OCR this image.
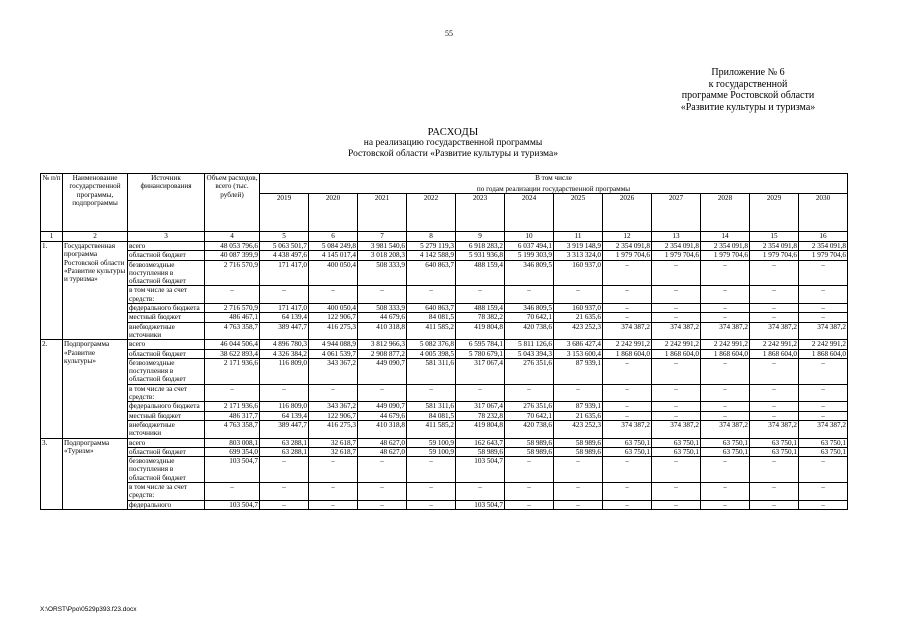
55
Приложение № 6
к государственной
программе Ростовской области
«Развитие культуры и туризма»
РАСХОДЫ
на реализацию государственной программы
Ростовской области «Развитие культуры и туризма»
№ п/п	Наименование государственной программы, подпрограммы	Источник финансирования	Объем расходов, всего (тыс. рублей)	В том числе											
				по годам реализации государственной программы											
				2019	2020	2021	2022	2023	2024	2025	2026	2027	2028	2029	2030
1	2	3	4	5	6	7	8	9	10	11	12	13	14	15	16
1.	Государственная программа Ростовской области «Развитие культуры и туризма»	всего	48 053 796,6	5 063 501,7	5 084 249,8	3 981 540,6	5 279 119,3	6 918 283,2	6 037 494,1	3 919 148,9	2 354 091,8	2 354 091,8	2 354 091,8	2 354 091,8	2 354 091,8
		областной бюджет	40 087 399,9	4 438 497,6	4 145 017,4	3 018 208,3	4 142 588,9	5 931 936,8	5 199 303,9	3 313 324,0	1 979 704,6	1 979 704,6	1 979 704,6	1 979 704,6	1 979 704,6
		безвозмездные поступления в областной бюджет	2 716 570,9	171 417,0	400 050,4	508 333,9	640 863,7	488 159,4	346 809,5	160 937,0	–	–	–	–	–
		в том числе за счет средств:	–	–	–	–	–	–	–	–	–	–	–	–	–
		федерального бюджета	2 716 570,9	171 417,0	400 050,4	508 333,9	640 863,7	488 159,4	346 809,5	160 937,0	–	–	–	–	–
		местный бюджет	486 467,1	64 139,4	122 906,7	44 679,6	84 081,5	78 382,2	70 642,1	21 635,6	–	–	–	–	–
		внебюджетные источники	4 763 358,7	389 447,7	416 275,3	410 318,8	411 585,2	419 804,8	420 738,6	423 252,3	374 387,2	374 387,2	374 387,2	374 387,2	374 387,2
2.	Подпрограмма «Развитие культуры»	всего	46 044 506,4	4 896 780,3	4 944 088,9	3 812 966,3	5 082 376,8	6 595 784,1	5 811 126,6	3 686 427,4	2 242 991,2	2 242 991,2	2 242 991,2	2 242 991,2	2 242 991,2
		областной бюджет	38 622 893,4	4 326 384,2	4 061 539,7	2 908 877,2	4 005 398,5	5 780 679,1	5 043 394,3	3 153 600,4	1 868 604,0	1 868 604,0	1 868 604,0	1 868 604,0	1 868 604,0
		безвозмездные поступления в областной бюджет	2 171 936,6	116 809,0	343 367,2	449 090,7	581 311,6	317 067,4	276 351,6	87 939,1	–	–	–	–	–
		в том числе за счет средств:	–	–	–	–	–	–	–	–	–	–	–	–	–
		федерального бюджета	2 171 936,6	116 809,0	343 367,2	449 090,7	581 311,6	317 067,4	276 351,6	87 939,1	–	–	–	–	–
		местный бюджет	486 317,7	64 139,4	122 906,7	44 679,6	84 081,5	78 232,8	70 642,1	21 635,6	–	–	–	–	–
		внебюджетные источники	4 763 358,7	389 447,7	416 275,3	410 318,8	411 585,2	419 804,8	420 738,6	423 252,3	374 387,2	374 387,2	374 387,2	374 387,2	374 387,2
3.	Подпрограмма «Туризм»	всего	803 008,1	63 288,1	32 618,7	48 627,0	59 100,9	162 643,7	58 989,6	58 989,6	63 750,1	63 750,1	63 750,1	63 750,1	63 750,1
		областной бюджет	699 354,0	63 288,1	32 618,7	48 627,0	59 100,9	58 989,6	58 989,6	58 989,6	63 750,1	63 750,1	63 750,1	63 750,1	63 750,1
		безвозмездные поступления в областной бюджет	103 504,7	–	–	–	–	103 504,7	–	–	–	–	–	–	–
		в том числе за счет средств:	–	–	–	–	–	–	–	–	–	–	–	–	–
		федерального	103 504,7	–	–	–	–	103 504,7	–	–	–	–	–	–	–
X:\ORST\Ppo\0529p393.f23.docx
